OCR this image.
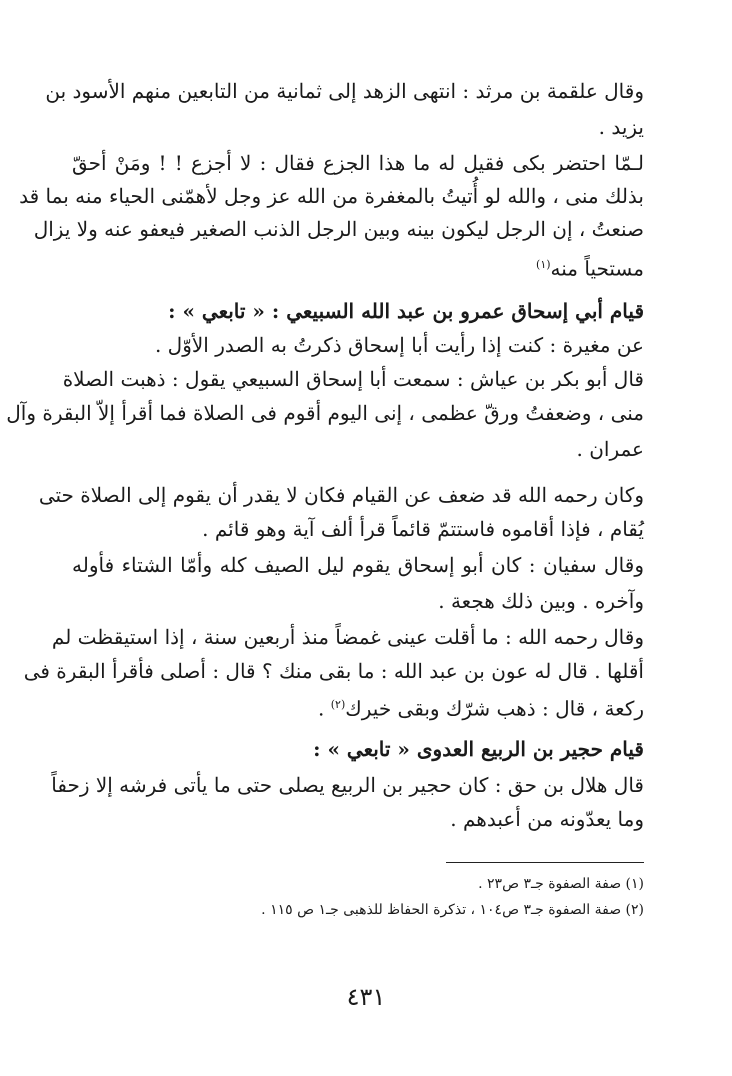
وقال علقمة بن مرثد : انتهى الزهد إلى ثمانية من التابعين منهم الأسود بن
يزيد .
لـمّا احتضر بكى فقيل له ما هذا الجزع فقال : لا أجزع ! ! ومَنْ أحقّ
بذلك منى ، والله لو أُتيتُ بالمغفرة من الله عز وجل لأهمّنى الحياء منه بما قد
صنعتُ ، إن الرجل ليكون بينه وبين الرجل الذنب الصغير فيعفو عنه ولا يزال
مستحياً منه$^{(١)}$
قيام أبي إسحاق عمرو بن عبد الله السبيعي : « تابعي » :
عن مغيرة : كنت إذا رأيت أبا إسحاق ذكرتُ به الصدر الأوّل .
قال أبو بكر بن عياش : سمعت أبا إسحاق السبيعي يقول : ذهبت الصلاة
منى ، وضعفتُ ورقّ عظمى ، إنى اليوم أقوم فى الصلاة فما أقرأ إلاّ البقرة وآل
عمران .
وكان رحمه الله قد ضعف عن القيام فكان لا يقدر أن يقوم إلى الصلاة حتى
يُقام ، فإذا أقاموه فاستتمّ قائماً قرأ ألف آية وهو قائم .
وقال سفيان : كان أبو إسحاق يقوم ليل الصيف كله وأمّا الشتاء فأوله
وآخره . وبين ذلك هجعة .
وقال رحمه الله : ما أقلت عينى غمضاً منذ أربعين سنة ، إذا استيقظت لم
أقلها . قال له عون بن عبد الله : ما بقى منك ؟ قال : أصلى فأقرأ البقرة فى
ركعة ، قال : ذهب شرّك وبقى خيرك$^{(٢)}$ .
قيام حجير بن الربيع العدوى « تابعي » :
قال هلال بن حق : كان حجير بن الربيع يصلى حتى ما يأتى فرشه إلا زحفاً
وما يعدّونه من أعبدهم .
(١) صفة الصفوة جـ٣ ص٢٣ .
(٢) صفة الصفوة جـ٣ ص١٠٤ ، تذكرة الحفاظ للذهبى جـ١ ص ١١٥ .
٤٣١
